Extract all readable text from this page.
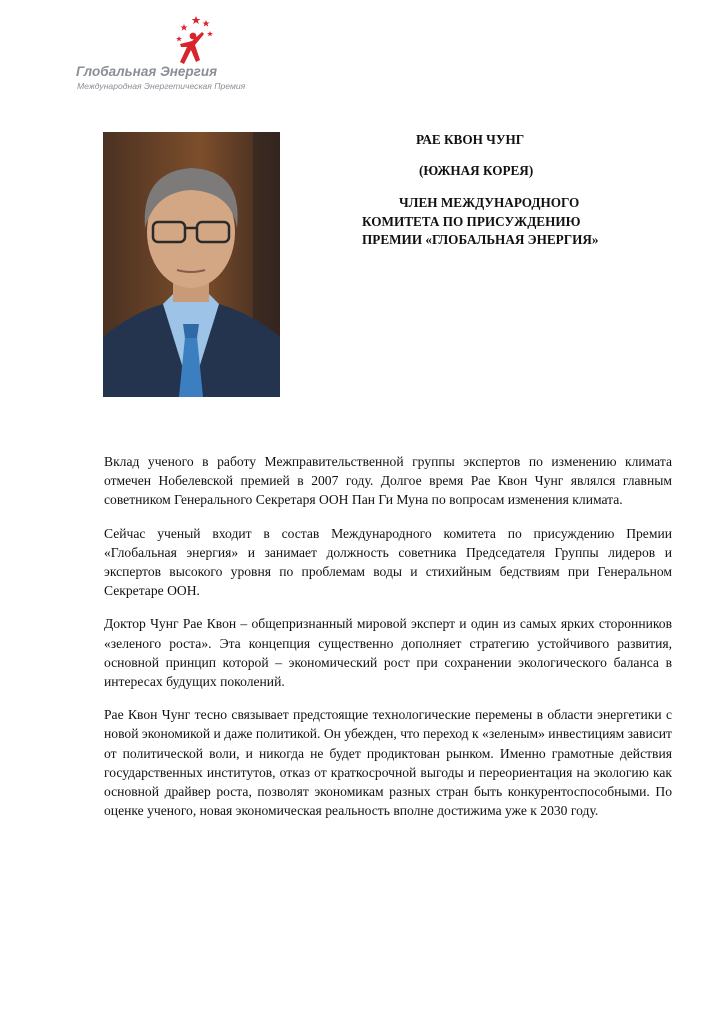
Глобальная Энергия
Международная Энергетическая Премия
РАЕ КВОН ЧУНГ
(ЮЖНАЯ КОРЕЯ)
ЧЛЕН МЕЖДУНАРОДНОГО
КОМИТЕТА ПО ПРИСУЖДЕНИЮ
ПРЕМИИ «ГЛОБАЛЬНАЯ ЭНЕРГИЯ»

Вклад ученого в работу Межправительственной группы экспертов по изменению климата отмечен Нобелевской премией в 2007 году. Долгое время Рае Квон Чунг являлся главным советником Генерального Секретаря ООН Пан Ги Муна по вопросам изменения климата.

Сейчас ученый входит в состав Международного комитета по присуждению Премии «Глобальная энергия» и занимает должность советника Председателя Группы лидеров и экспертов высокого уровня по проблемам воды и стихийным бедствиям при Генеральном Секретаре ООН.

Доктор Чунг Рае Квон – общепризнанный мировой эксперт и один из самых ярких сторонников «зеленого роста». Эта концепция существенно дополняет стратегию устойчивого развития, основной принцип которой – экономический рост при сохранении экологического баланса в интересах будущих поколений.

Рае Квон Чунг тесно связывает предстоящие технологические перемены в области энергетики с новой экономикой и даже политикой. Он убежден, что переход к «зеленым» инвестициям зависит от политической воли, и никогда не будет продиктован рынком. Именно грамотные действия государственных институтов, отказ от краткосрочной выгоды и переориентация на экологию как основной драйвер роста, позволят экономикам разных стран быть конкурентоспособными. По оценке ученого, новая экономическая реальность вполне достижима уже к 2030 году.
